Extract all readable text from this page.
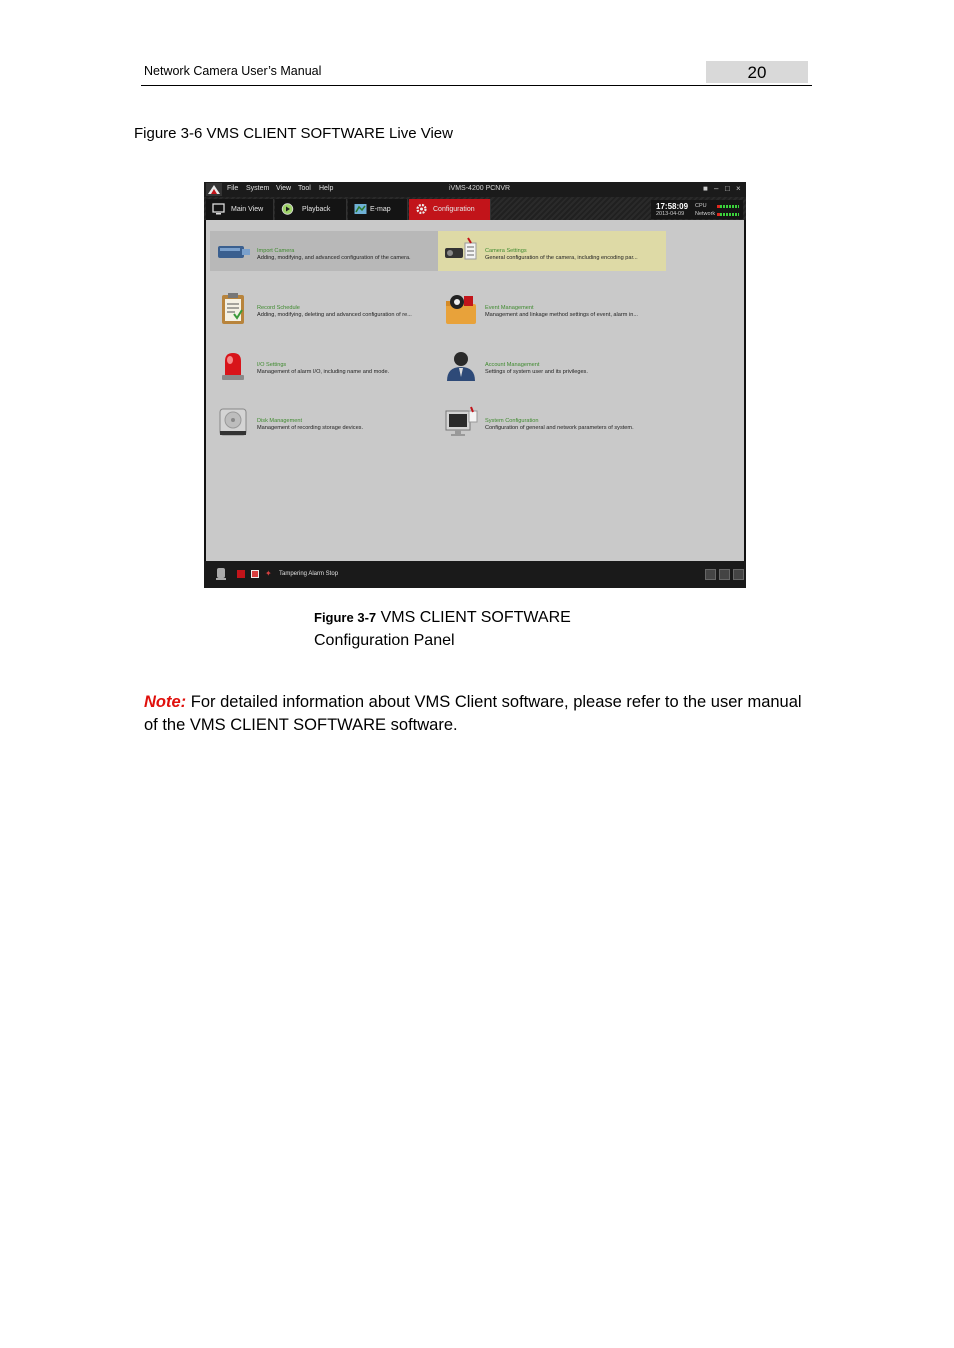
Network Camera User’s Manual	20
Figure 3-6 VMS CLIENT SOFTWARE Live View
File System View Tool Help	iVMS-4200 PCNVR	■ – □ ×
Main View	Playback	E-map	Configuration	17:58:09
2013-04-09
CPU
Network
Import Camera
Adding, modifying, and advanced configuration of the camera.
Camera Settings
General configuration of the camera, including encoding par...
Record Schedule
Adding, modifying, deleting and advanced configuration of re...
Event Management
Management and linkage method settings of event, alarm in...
I/O Settings
Management of alarm I/O, including name and mode.
Account Management
Settings of system user and its privileges.
Disk Management
Management of recording storage devices.
System Configuration
Configuration of general and network parameters of system.
✦ Tampering Alarm Stop
Figure 3-7 VMS CLIENT SOFTWARE
Configuration Panel
Note: For detailed information about VMS Client software, please refer to the user manual of the VMS CLIENT SOFTWARE software.
